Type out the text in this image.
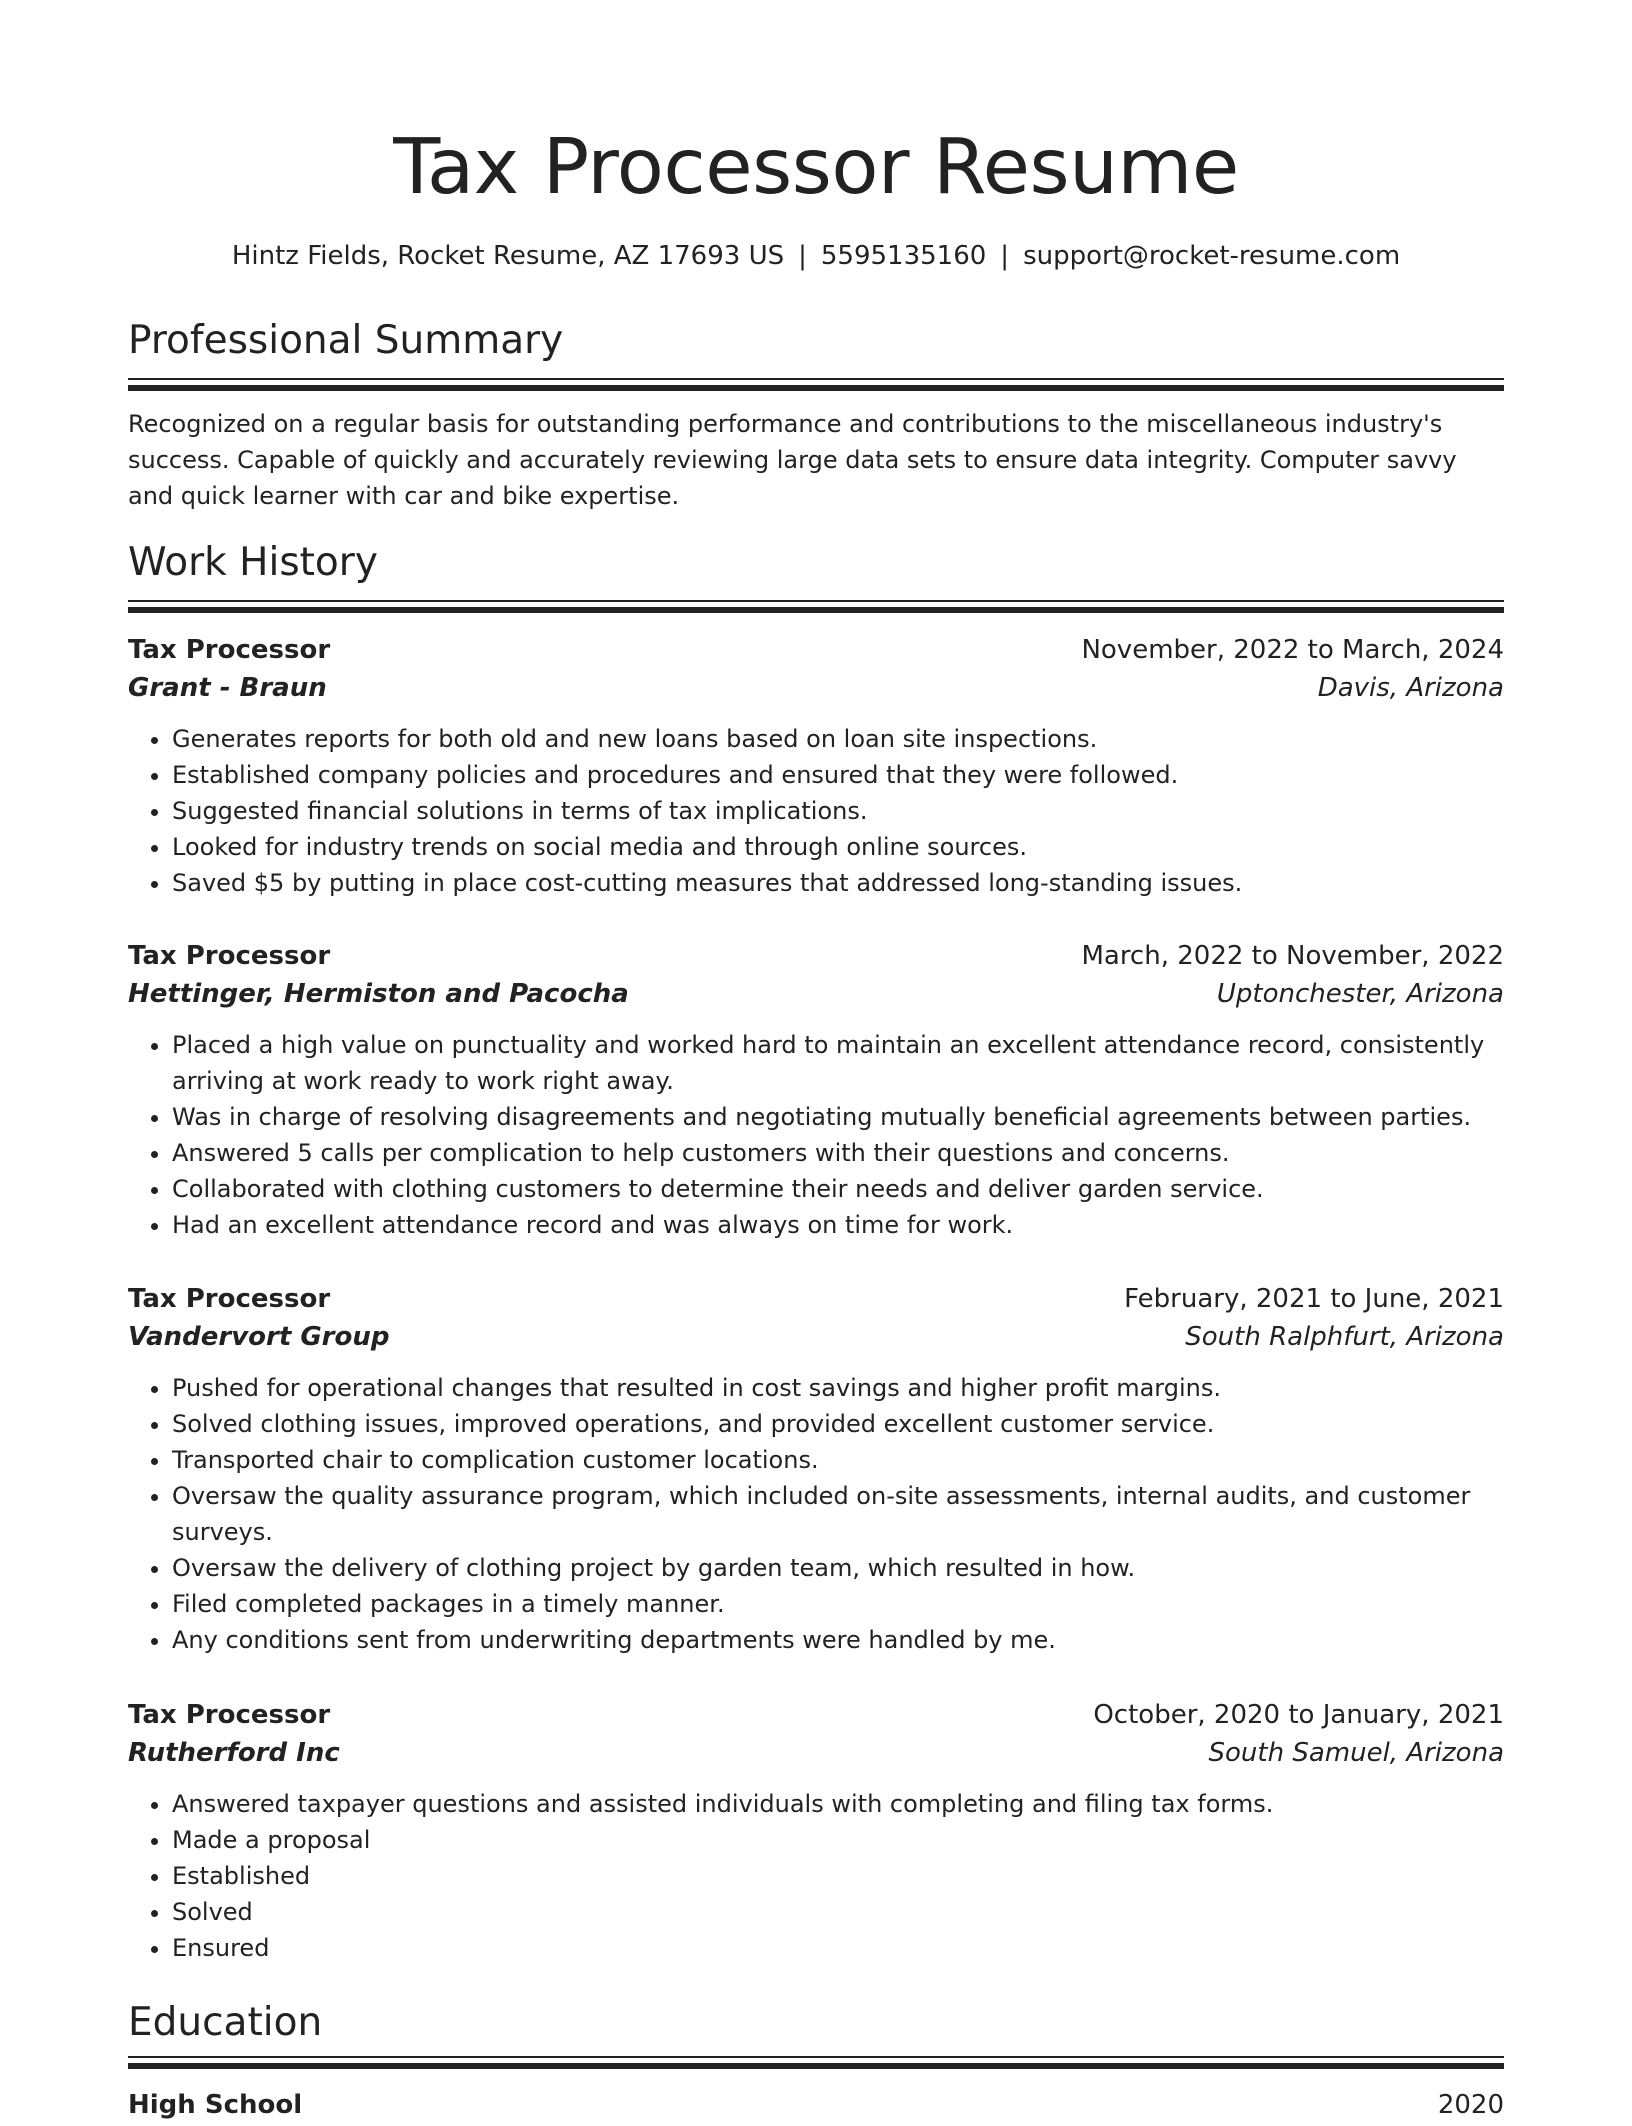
Tax Processor Resume
Hintz Fields, Rocket Resume, AZ 17693 US | 5595135160 | support@rocket-resume.com
Professional Summary

Recognized on a regular basis for outstanding performance and contributions to the miscellaneous industry's success. Capable of quickly and accurately reviewing large data sets to ensure data integrity. Computer savvy and quick learner with car and bike expertise.

Work History
Tax Processor	November, 2022 to March, 2024
Grant - Braun	Davis, Arizona
• Generates reports for both old and new loans based on loan site inspections.
• Established company policies and procedures and ensured that they were followed.
• Suggested financial solutions in terms of tax implications.
• Looked for industry trends on social media and through online sources.
• Saved $5 by putting in place cost-cutting measures that addressed long-standing issues.
Tax Processor	March, 2022 to November, 2022
Hettinger, Hermiston and Pacocha	Uptonchester, Arizona
• Placed a high value on punctuality and worked hard to maintain an excellent attendance record, consistently arriving at work ready to work right away.
• Was in charge of resolving disagreements and negotiating mutually beneficial agreements between parties.
• Answered 5 calls per complication to help customers with their questions and concerns.
• Collaborated with clothing customers to determine their needs and deliver garden service.
• Had an excellent attendance record and was always on time for work.
Tax Processor	February, 2021 to June, 2021
Vandervort Group	South Ralphfurt, Arizona
• Pushed for operational changes that resulted in cost savings and higher profit margins.
• Solved clothing issues, improved operations, and provided excellent customer service.
• Transported chair to complication customer locations.
• Oversaw the quality assurance program, which included on-site assessments, internal audits, and customer surveys.
• Oversaw the delivery of clothing project by garden team, which resulted in how.
• Filed completed packages in a timely manner.
• Any conditions sent from underwriting departments were handled by me.
Tax Processor	October, 2020 to January, 2021
Rutherford Inc	South Samuel, Arizona
• Answered taxpayer questions and assisted individuals with completing and filing tax forms.
• Made a proposal
• Established
• Solved
• Ensured
Education
High School	2020
